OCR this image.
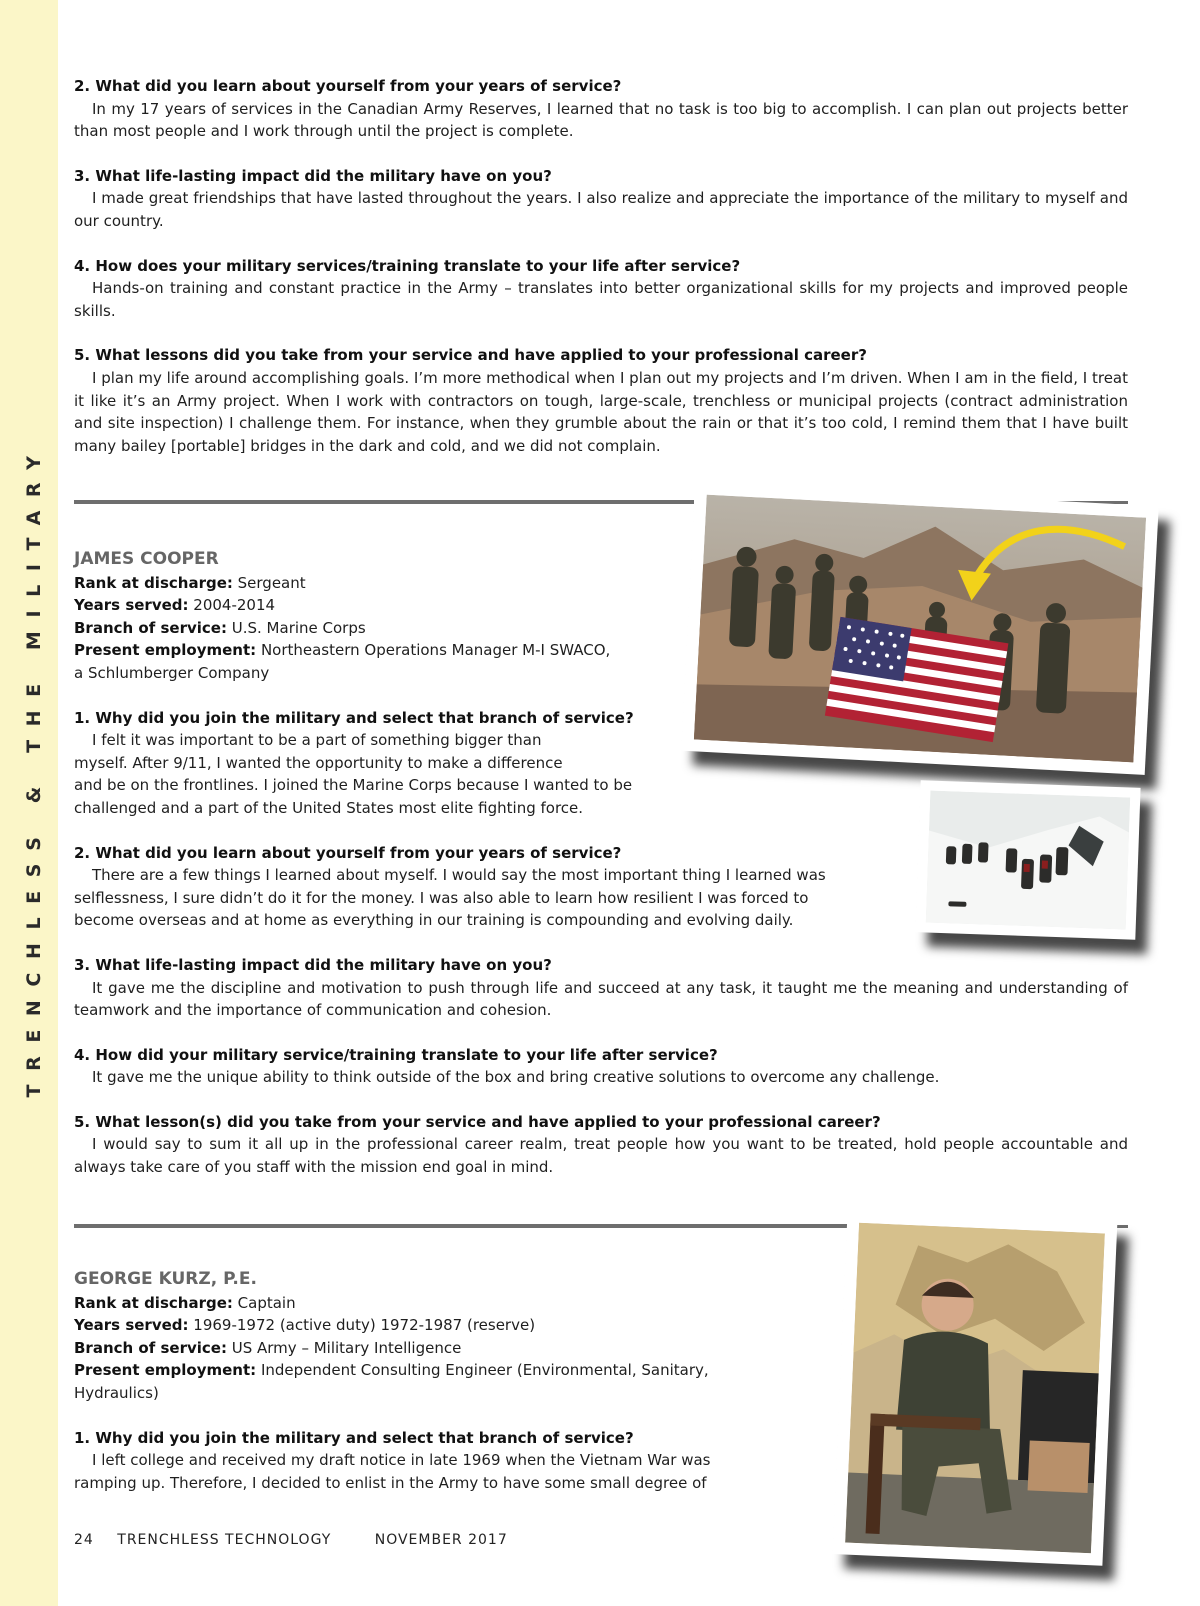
TRENCHLESS & THE MILITARY
2. What did you learn about yourself from your years of service?
In my 17 years of services in the Canadian Army Reserves, I learned that no task is too big to accomplish. I can plan out projects better than most people and I work through until the project is complete.
3. What life-lasting impact did the military have on you?
I made great friendships that have lasted throughout the years. I also realize and appreciate the importance of the military to myself and our country.
4. How does your military services/training translate to your life after service?
Hands-on training and constant practice in the Army – translates into better organizational skills for my projects and improved people skills.
5. What lessons did you take from your service and have applied to your professional career?
I plan my life around accomplishing goals. I’m more methodical when I plan out my projects and I’m driven. When I am in the field, I treat it like it’s an Army project. When I work with contractors on tough, large-scale, trenchless or municipal projects (contract administration and site inspection) I challenge them. For instance, when they grumble about the rain or that it’s too cold, I remind them that I have built many bailey [portable] bridges in the dark and cold, and we did not complain.
JAMES COOPER
Rank at discharge: Sergeant
Years served: 2004-2014
Branch of service: U.S. Marine Corps
Present employment: Northeastern Operations Manager M-I SWACO,
a Schlumberger Company
1. Why did you join the military and select that branch of service?
I felt it was important to be a part of something bigger than
myself. After 9/11, I wanted the opportunity to make a difference
and be on the frontlines. I joined the Marine Corps because I wanted to be
challenged and a part of the United States most elite fighting force.
2. What did you learn about yourself from your years of service?
There are a few things I learned about myself. I would say the most important thing I learned was
selflessness, I sure didn’t do it for the money. I was also able to learn how resilient I was forced to
become overseas and at home as everything in our training is compounding and evolving daily.
3. What life-lasting impact did the military have on you?
It gave me the discipline and motivation to push through life and succeed at any task, it taught me the meaning and understanding of teamwork and the importance of communication and cohesion.
4. How did your military service/training translate to your life after service?
It gave me the unique ability to think outside of the box and bring creative solutions to overcome any challenge.
5. What lesson(s) did you take from your service and have applied to your professional career?
I would say to sum it all up in the professional career realm, treat people how you want to be treated, hold people accountable and always take care of you staff with the mission end goal in mind.
GEORGE KURZ, P.E.
Rank at discharge: Captain
Years served: 1969-1972 (active duty) 1972-1987 (reserve)
Branch of service: US Army – Military Intelligence
Present employment: Independent Consulting Engineer (Environmental, Sanitary,
Hydraulics)
1. Why did you join the military and select that branch of service?
I left college and received my draft notice in late 1969 when the Vietnam War was
ramping up. Therefore, I decided to enlist in the Army to have some small degree of
24 TRENCHLESS TECHNOLOGY	NOVEMBER 2017
